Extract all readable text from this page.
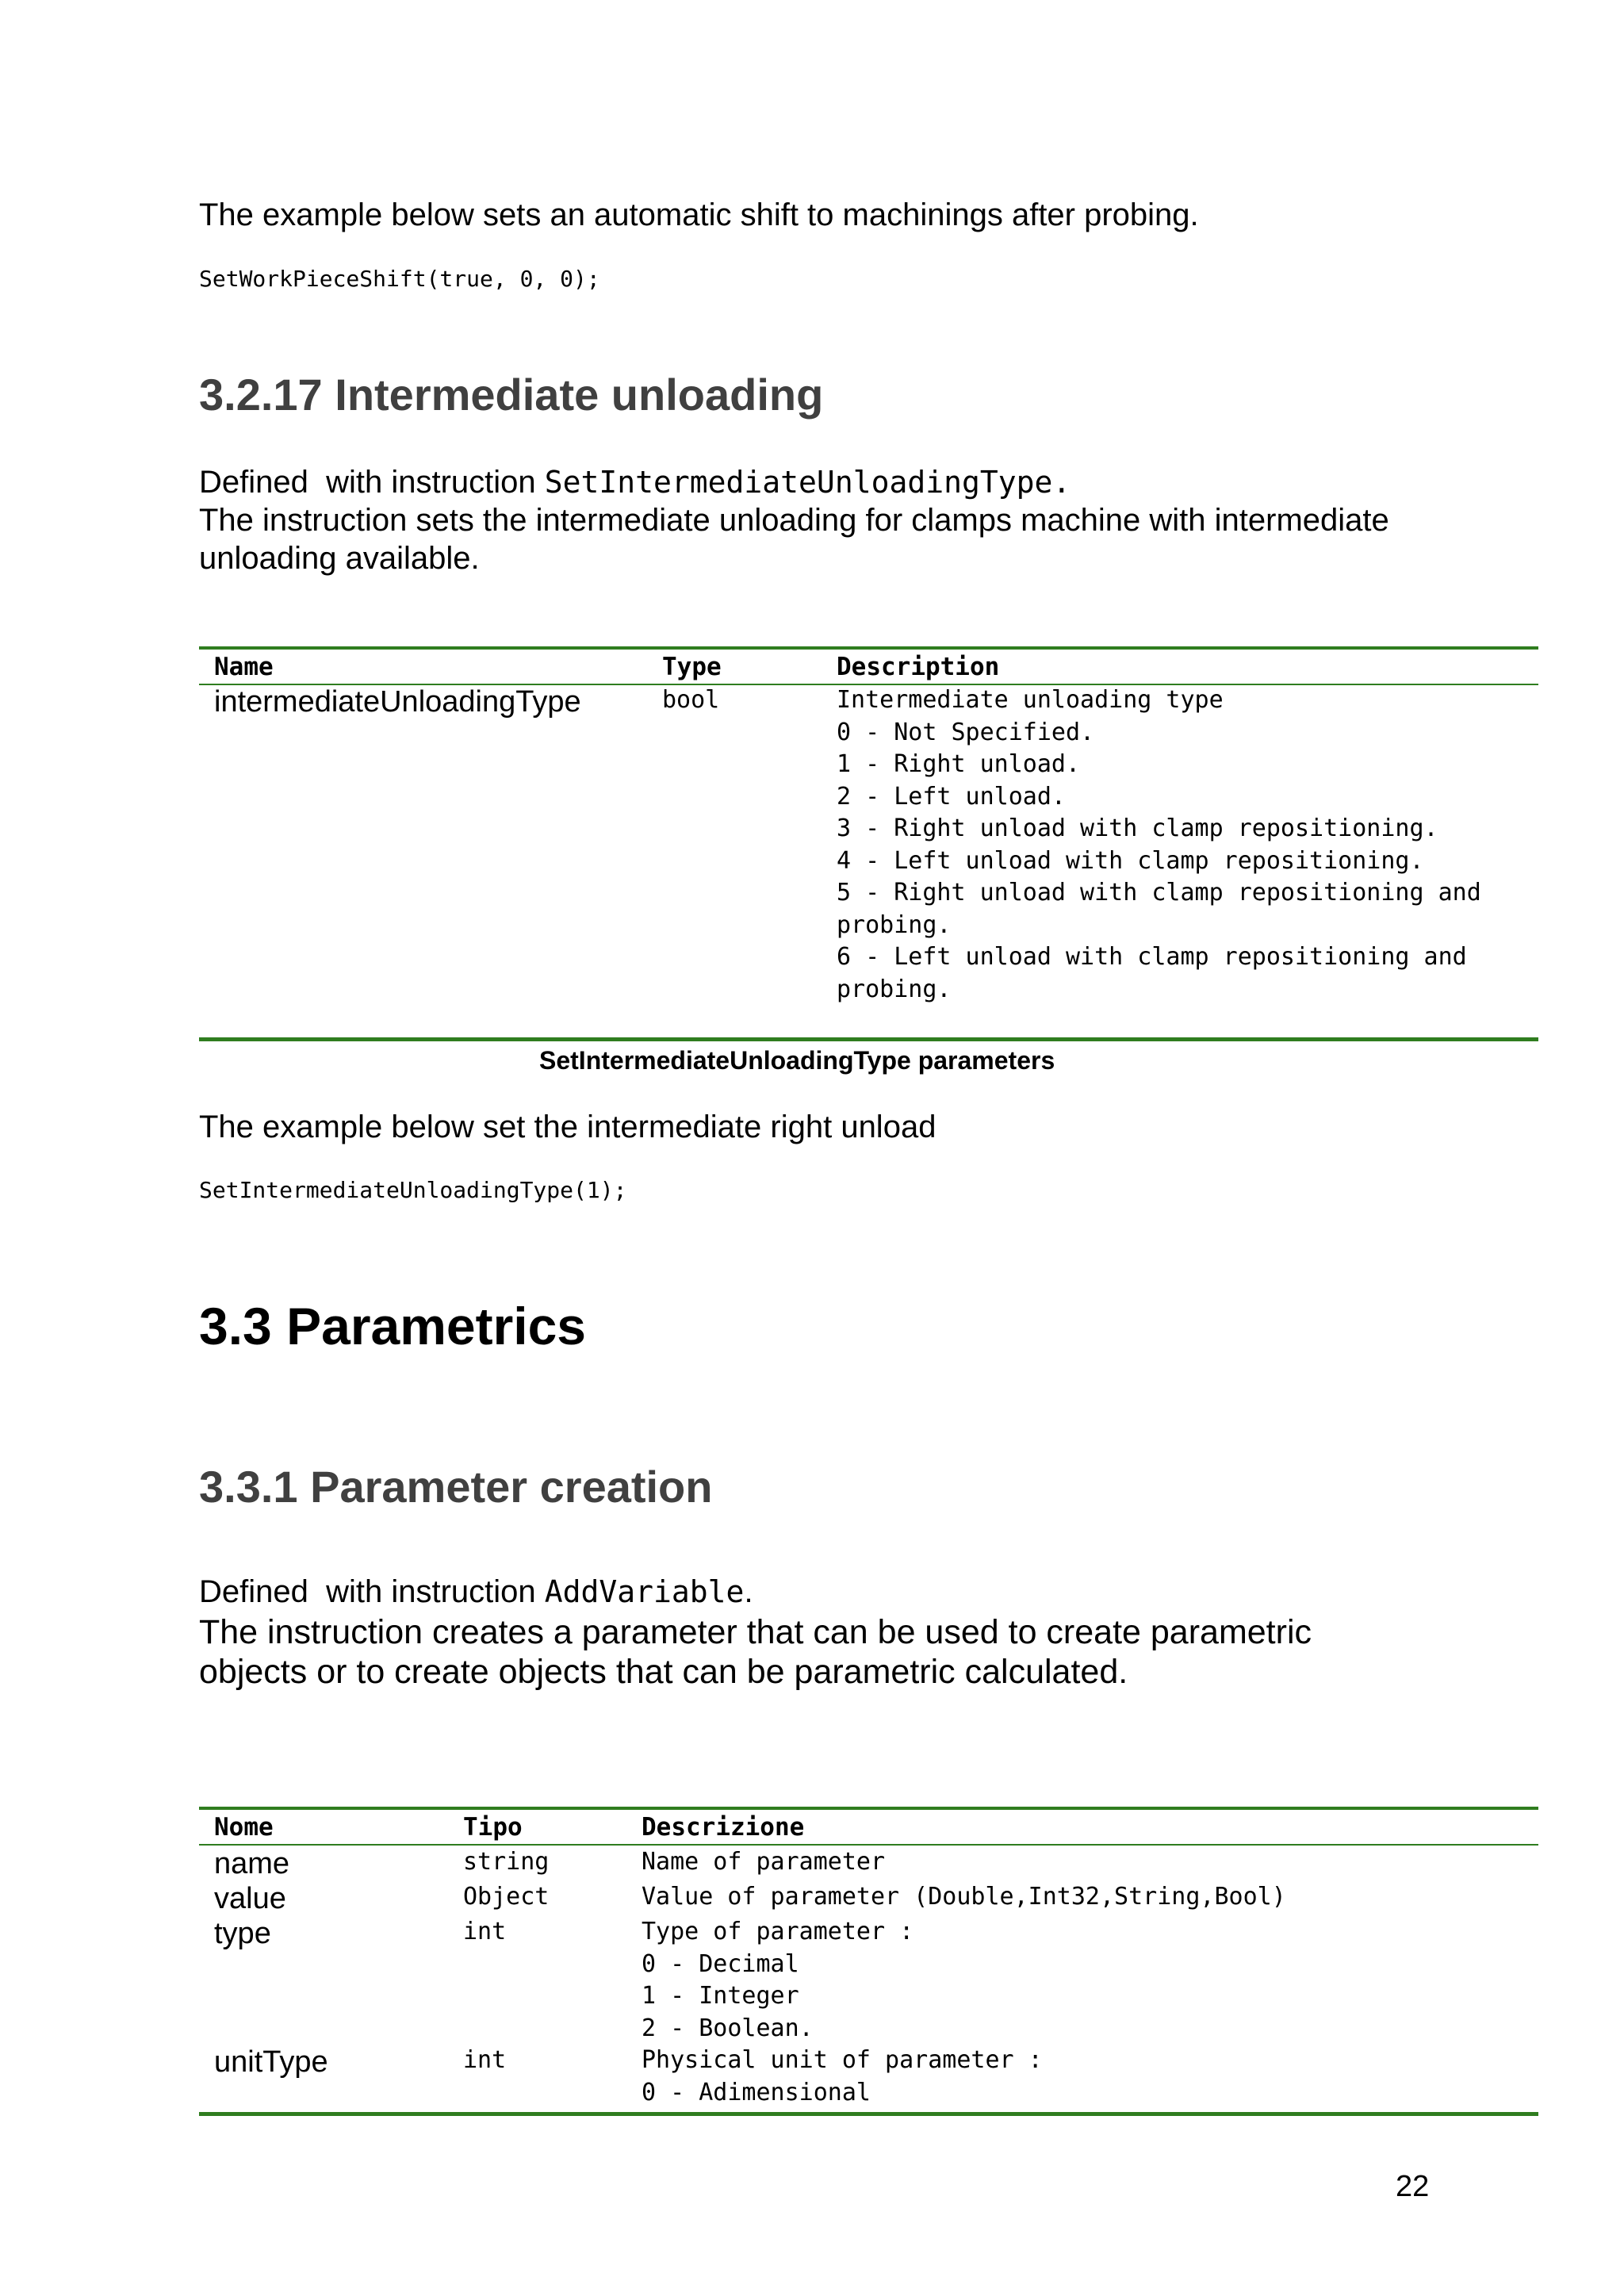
The example below sets an automatic shift to machinings after probing.
SetWorkPieceShift(true, 0, 0);
3.2.17 Intermediate unloading
Defined  with instruction SetIntermediateUnloadingType.
The instruction sets the intermediate unloading for clamps machine with intermediate
unloading available.
Name	Type	Description
intermediateUnloadingType	bool	Intermediate unloading type
0 - Not Specified.
1 - Right unload.
2 - Left unload.
3 - Right unload with clamp repositioning.
4 - Left unload with clamp repositioning.
5 - Right unload with clamp repositioning and
probing.
6 - Left unload with clamp repositioning and
probing.
SetIntermediateUnloadingType parameters
The example below set the intermediate right unload
SetIntermediateUnloadingType(1);
3.3 Parametrics
3.3.1 Parameter creation
Defined  with instruction AddVariable.
The instruction creates a parameter that can be used to create parametric
objects or to create objects that can be parametric calculated.
Nome	Tipo	Descrizione
name	string	Name of parameter
value	Object	Value of parameter (Double,Int32,String,Bool)
type	int	Type of parameter :
0 - Decimal
1 - Integer
2 - Boolean.
unitType	int	Physical unit of parameter :
0 - Adimensional
22
